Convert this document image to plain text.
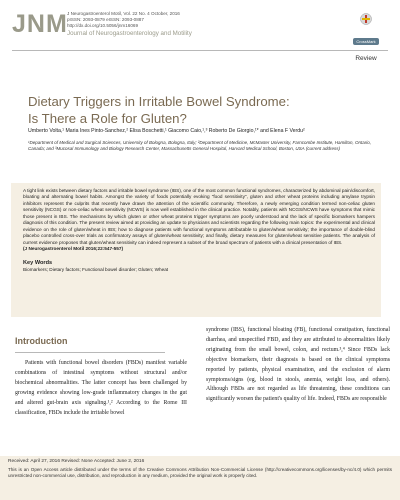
JNM J Neurogastroenterol Motil, Vol. 22 No. 4 October, 2016
pISSN: 2093-0879 eISSN: 2093-0887
http://dx.doi.org/10.5056/jnm16069
Journal of Neurogastroenterology and Motility
CrossMark
Review
Dietary Triggers in Irritable Bowel Syndrome:
Is There a Role for Gluten?
Umberto Volta,¹ Maria Ines Pinto-Sanchez,² Elisa Boschetti,¹ Giacomo Caio,¹,³ Roberto De Giorgio,¹* and Elena F Verdu²
¹Department of Medical and Surgical Sciences, University of Bologna, Bologna, Italy; ²Department of Medicine, McMaster University, Farncombe Institute, Hamilton, Ontario, Canada; and ³Mucosal Immunology and Biology Research Center, Massachusetts General Hospital, Harvard Medical School, Boston, USA (current address)
A tight link exists between dietary factors and irritable bowel syndrome (IBS), one of the most common functional syndromes, characterized by abdominal pain/discomfort, bloating and alternating bowel habits. Amongst the variety of foods potentially evoking "food sensitivity", gluten and other wheat proteins including amylase trypsin inhibitors represent the culprits that recently have drawn the attention of the scientific community. Therefore, a newly emerging condition termed non-celiac gluten sensitivity (NCGS) or non-celiac wheat sensitivity (NCWS) is now well established in the clinical practice. Notably, patients with NCGS/NCWS have symptoms that mimic those present in IBS. The mechanisms by which gluten or other wheat proteins trigger symptoms are poorly understood and the lack of specific biomarkers hampers diagnosis of this condition. The present review aimed at providing an update to physicians and scientists regarding the following main topics: the experimental and clinical evidence on the role of gluten/wheat in IBS; how to diagnose patients with functional symptoms attributable to gluten/wheat sensitivity; the importance of double-blind placebo controlled cross-over trials as confirmatory assays of gluten/wheat sensitivity; and finally, dietary measures for gluten/wheat sensitive patients. The analysis of current evidence proposes that gluten/wheat sensitivity can indeed represent a subset of the broad spectrum of patients with a clinical presentation of IBS.
(J Neurogastroenterol Motil 2016;22:547-557)
Key Words
Biomarkers; Dietary factors; Functional bowel disorder; Gluten; Wheat
Introduction
Patients with functional bowel disorders (FBDs) manifest variable combinations of intestinal symptoms without structural and/or biochemical abnormalities. The latter concept has been challenged by growing evidence showing low-grade inflammatory changes in the gut and altered gut-brain axis signaling.¹,² According to the Rome III classification, FBDs include the irritable bowel
syndrome (IBS), functional bloating (FB), functional constipation, functional diarrhea, and unspecified FBD, and they are attributed to abnormalities likely originating from the small bowel, colon, and rectum.³,⁴ Since FBDs lack objective biomarkers, their diagnosis is based on the clinical symptoms reported by patients, physical examination, and the exclusion of alarm symptoms/signs (eg, blood in stools, anemia, weight loss, and others). Although FBDs are not regarded as life threatening, these conditions can significantly worsen the patient's quality of life. Indeed, FBDs are responsible
Received: April 27, 2016 Revised: None Accepted: June 2, 2016
This is an Open Access article distributed under the terms of the Creative Commons Attribution Non-Commercial License (http://creativecommons.org/licenses/by-nc/4.0) which permits unrestricted non-commercial use, distribution, and reproduction in any medium, provided the original work is properly cited.
